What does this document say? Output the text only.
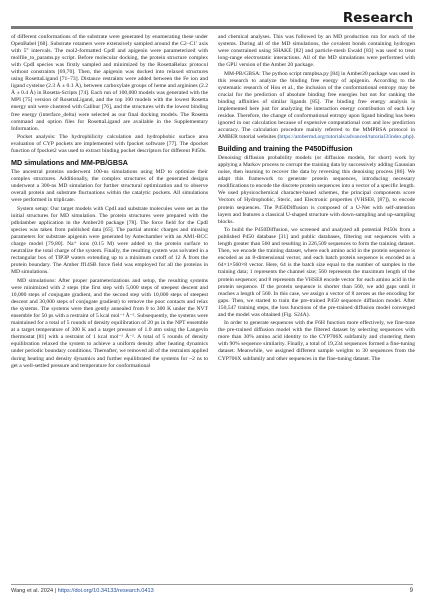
Research

of different conformations of the substrate were generated by enumerating these under OpenBabel [68]. Substrate rotamers were extensively sampled around the C2–C1′ axis with 5° intervals. The mol2-formatted CpdI and apigenin were parameterized with molfile_to_params.py script. Before molecular docking, the protein structure complex with CpdI species was firstly sampled and minimized by the RosettaRelax protocol without constraints [69,70]. Then, the apigenin was docked into relaxed structures using RosettaLigand [71–73]. Distance restraints were added between the Fe ion and ligand cysteine (2.3 Å ± 0.1 Å), between carboxylate groups of heme and arginines (2.2 Å ± 0.4 Å) in Rosetta-Scripts [74]. Each run of 100,000 models was generated with the MPI [75] version of RosettaLigand, and the top 100 models with the lowest Rosetta energy unit were clustered with Calibur [76], and the structures with the lowest binding free energy (interface_delta) were selected as our final docking models. The Rosetta command and option files for RosettaLigand are available in the Supplementary Information.

Pocket analysis: The hydrophilicity calculation and hydrophobic surface area evaluation of CYP pockets are implemented with fpocket software [77]. The dpocket function of fpocket2 was used to extract binding pocket descriptors for different P450s.

MD simulations and MM-PB/GBSA

The ancestral proteins underwent 100-ns simulations using MD to optimize their complex structures. Additionally, the complex structures of the generated designs underwent a 300-ns MD simulation for further structural optimization and to observe overall protein and substrate fluctuations within the catalytic pockets. All simulations were performed in triplicate.

System setup: Our target models with CpdI and substrate molecules were set as the initial structures for MD simulation. The protein structures were prepared with the pdb4amber application in the Amber20 package [78]. The force field for the CpdI species was taken from published data [65]. The partial atomic charges and missing parameters for substrate apigenin were generated by Antechamber with an AM1-BCC charge model [79,80]. Na⁺ ions (0.15 M) were added to the protein surface to neutralize the total charge of the system. Finally, the resulting system was solvated in a rectangular box of TIP3P waters extending up to a minimum cutoff of 12 Å from the protein boundary. The Amber ff14SB force field was employed for all the proteins in MD simulations.

MD simulations: After proper parameterizations and setup, the resulting systems were minimized with 2 steps (the first step with 5,000 steps of steepest descent and 10,000 steps of conjugate gradient, and the second step with 10,000 steps of steepest descent and 30,000 steps of conjugate gradient) to remove the poor contacts and relax the systems. The systems were then gently annealed from 0 to 300 K under the NVT ensemble for 50 ps with a restraint of 5 kcal mol⁻¹ Å⁻². Subsequently, the systems were maintained for a total of 5 rounds of density equilibration of 20 ps in the NPT ensemble at a target temperature of 300 K and a target pressure of 1.0 atm using the Langevin thermostat [81] with a restraint of 1 kcal mol⁻¹ Å⁻². A total of 5 rounds of density equilibration relaxed the system to achieve a uniform density after heating dynamics under periodic boundary conditions. Thereafter, we removed all of the restraints applied during heating and density dynamics and further equilibrated the systems for ~2 ns to get a well-settled pressure and temperature for conformational

and chemical analyses. This was followed by an MD production run for each of the systems. During all of the MD simulations, the covalent bonds containing hydrogen were constrained using SHAKE [82] and particle-mesh Ewald [83] was used to treat long-range electrostatic interactions. All of the MD simulations were performed with the GPU version of the Amber 20 package.

MM-PB/GBSA: The python script mmpbsa.py [84] in Amber20 package was used in this research to analyze the binding free energy of apigenin. According to the systematic research of Hou et al., the inclusion of the conformational entropy may be crucial for the prediction of absolute binding free energies but not for ranking the binding affinities of similar ligands [85]. The binding free energy analysis is implemented here just for analyzing the interaction energy contribution of each key residue. Therefore, the change of conformational entropy upon ligand binding has been ignored in our calculation because of expensive computational cost and low prediction accuracy. The calculation procedure mainly referred to the MMPBSA protocol in AMBER tutorial websites (https://ambermd.org/tutorials/advanced/tutorial3/index.php).

Building and training the P450Diffusion

Denoising diffusion probability models (or diffusion models, for short) work by applying a Markov process to corrupt the training data by successively adding Gaussian noise, then learning to recover the data by reversing this denoising process [86]. We adapt this framework to generate protein sequences, introducing necessary modifications to encode the discrete protein sequences into a vector of a specific length. We used physicochemical character-based schemes, the principal components score Vectors of Hydrophobic, Steric, and Electronic properties (VHSE8, [87]), to encode protein sequences. The P450Diffusion is composed of a U-Net with self-attention layers and features a classical U-shaped structure with down-sampling and up-sampling blocks.

To build the P450Diffusion, we screened and analyzed all potential P450s from a published P450 database [31] and public databases, filtering out sequences with a length greater than 560 and resulting in 226,509 sequences to form the training dataset. Then, we encode the training dataset, where each amino acid in the protein sequence is encoded as an 8-dimensional vector, and each batch protein sequence is encoded as a 64×1×560×8 vector. Here, 64 is the batch size equal to the number of samples in the training data; 1 represents the channel size; 560 represents the maximum length of the protein sequence; and 8 represents the VHSE8 encode vector for each amino acid in the protein sequence. If the protein sequence is shorter than 560, we add gaps until it reaches a length of 560. In this case, we assign a vector of 8 zeroes as the encoding for gaps. Then, we started to train the pre-trained P450 sequence diffusion model. After 150,547 training steps, the loss functions of the pre-trained diffusion model converged and the model was obtained (Fig. S24A).

In order to generate sequences with the F6H function more effectively, we fine-tune the pre-trained diffusion model with the filtered dataset by selecting sequences with more than 30% amino acid identity to the CYP706X subfamily and clustering them with 90% sequence similarity. Finally, a total of 19,234 sequences formed a fine-tuning dataset. Meanwhile, we assigned different sample weights to 30 sequences from the CYP706X subfamily and other sequences in the fine-tuning dataset. The

Wang et al. 2024 | https://doi.org/10.34133/research.0413	9
